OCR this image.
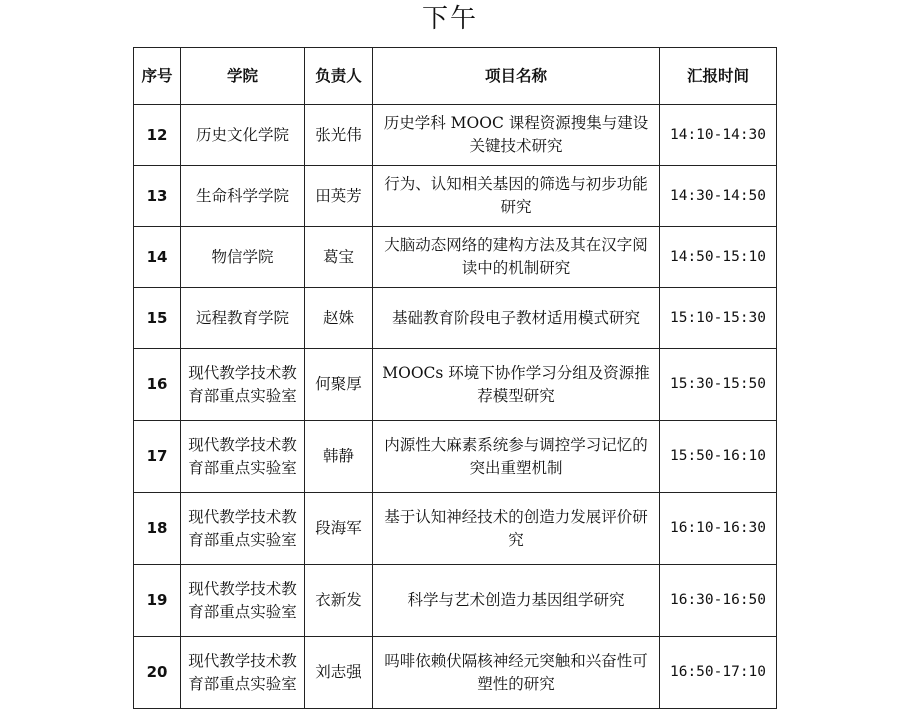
下午
序号	学院	负责人	项目名称	汇报时间
12	历史文化学院	张光伟	历史学科 MOOC 课程资源搜集与建设关键技术研究	14:10-14:30
13	生命科学学院	田英芳	行为、认知相关基因的筛选与初步功能研究	14:30-14:50
14	物信学院	葛宝	大脑动态网络的建构方法及其在汉字阅读中的机制研究	14:50-15:10
15	远程教育学院	赵姝	基础教育阶段电子教材适用模式研究	15:10-15:30
16	现代教学技术教育部重点实验室	何聚厚	MOOCs 环境下协作学习分组及资源推荐模型研究	15:30-15:50
17	现代教学技术教育部重点实验室	韩静	内源性大麻素系统参与调控学习记忆的突出重塑机制	15:50-16:10
18	现代教学技术教育部重点实验室	段海军	基于认知神经技术的创造力发展评价研究	16:10-16:30
19	现代教学技术教育部重点实验室	衣新发	科学与艺术创造力基因组学研究	16:30-16:50
20	现代教学技术教育部重点实验室	刘志强	吗啡依赖伏隔核神经元突触和兴奋性可塑性的研究	16:50-17:10
